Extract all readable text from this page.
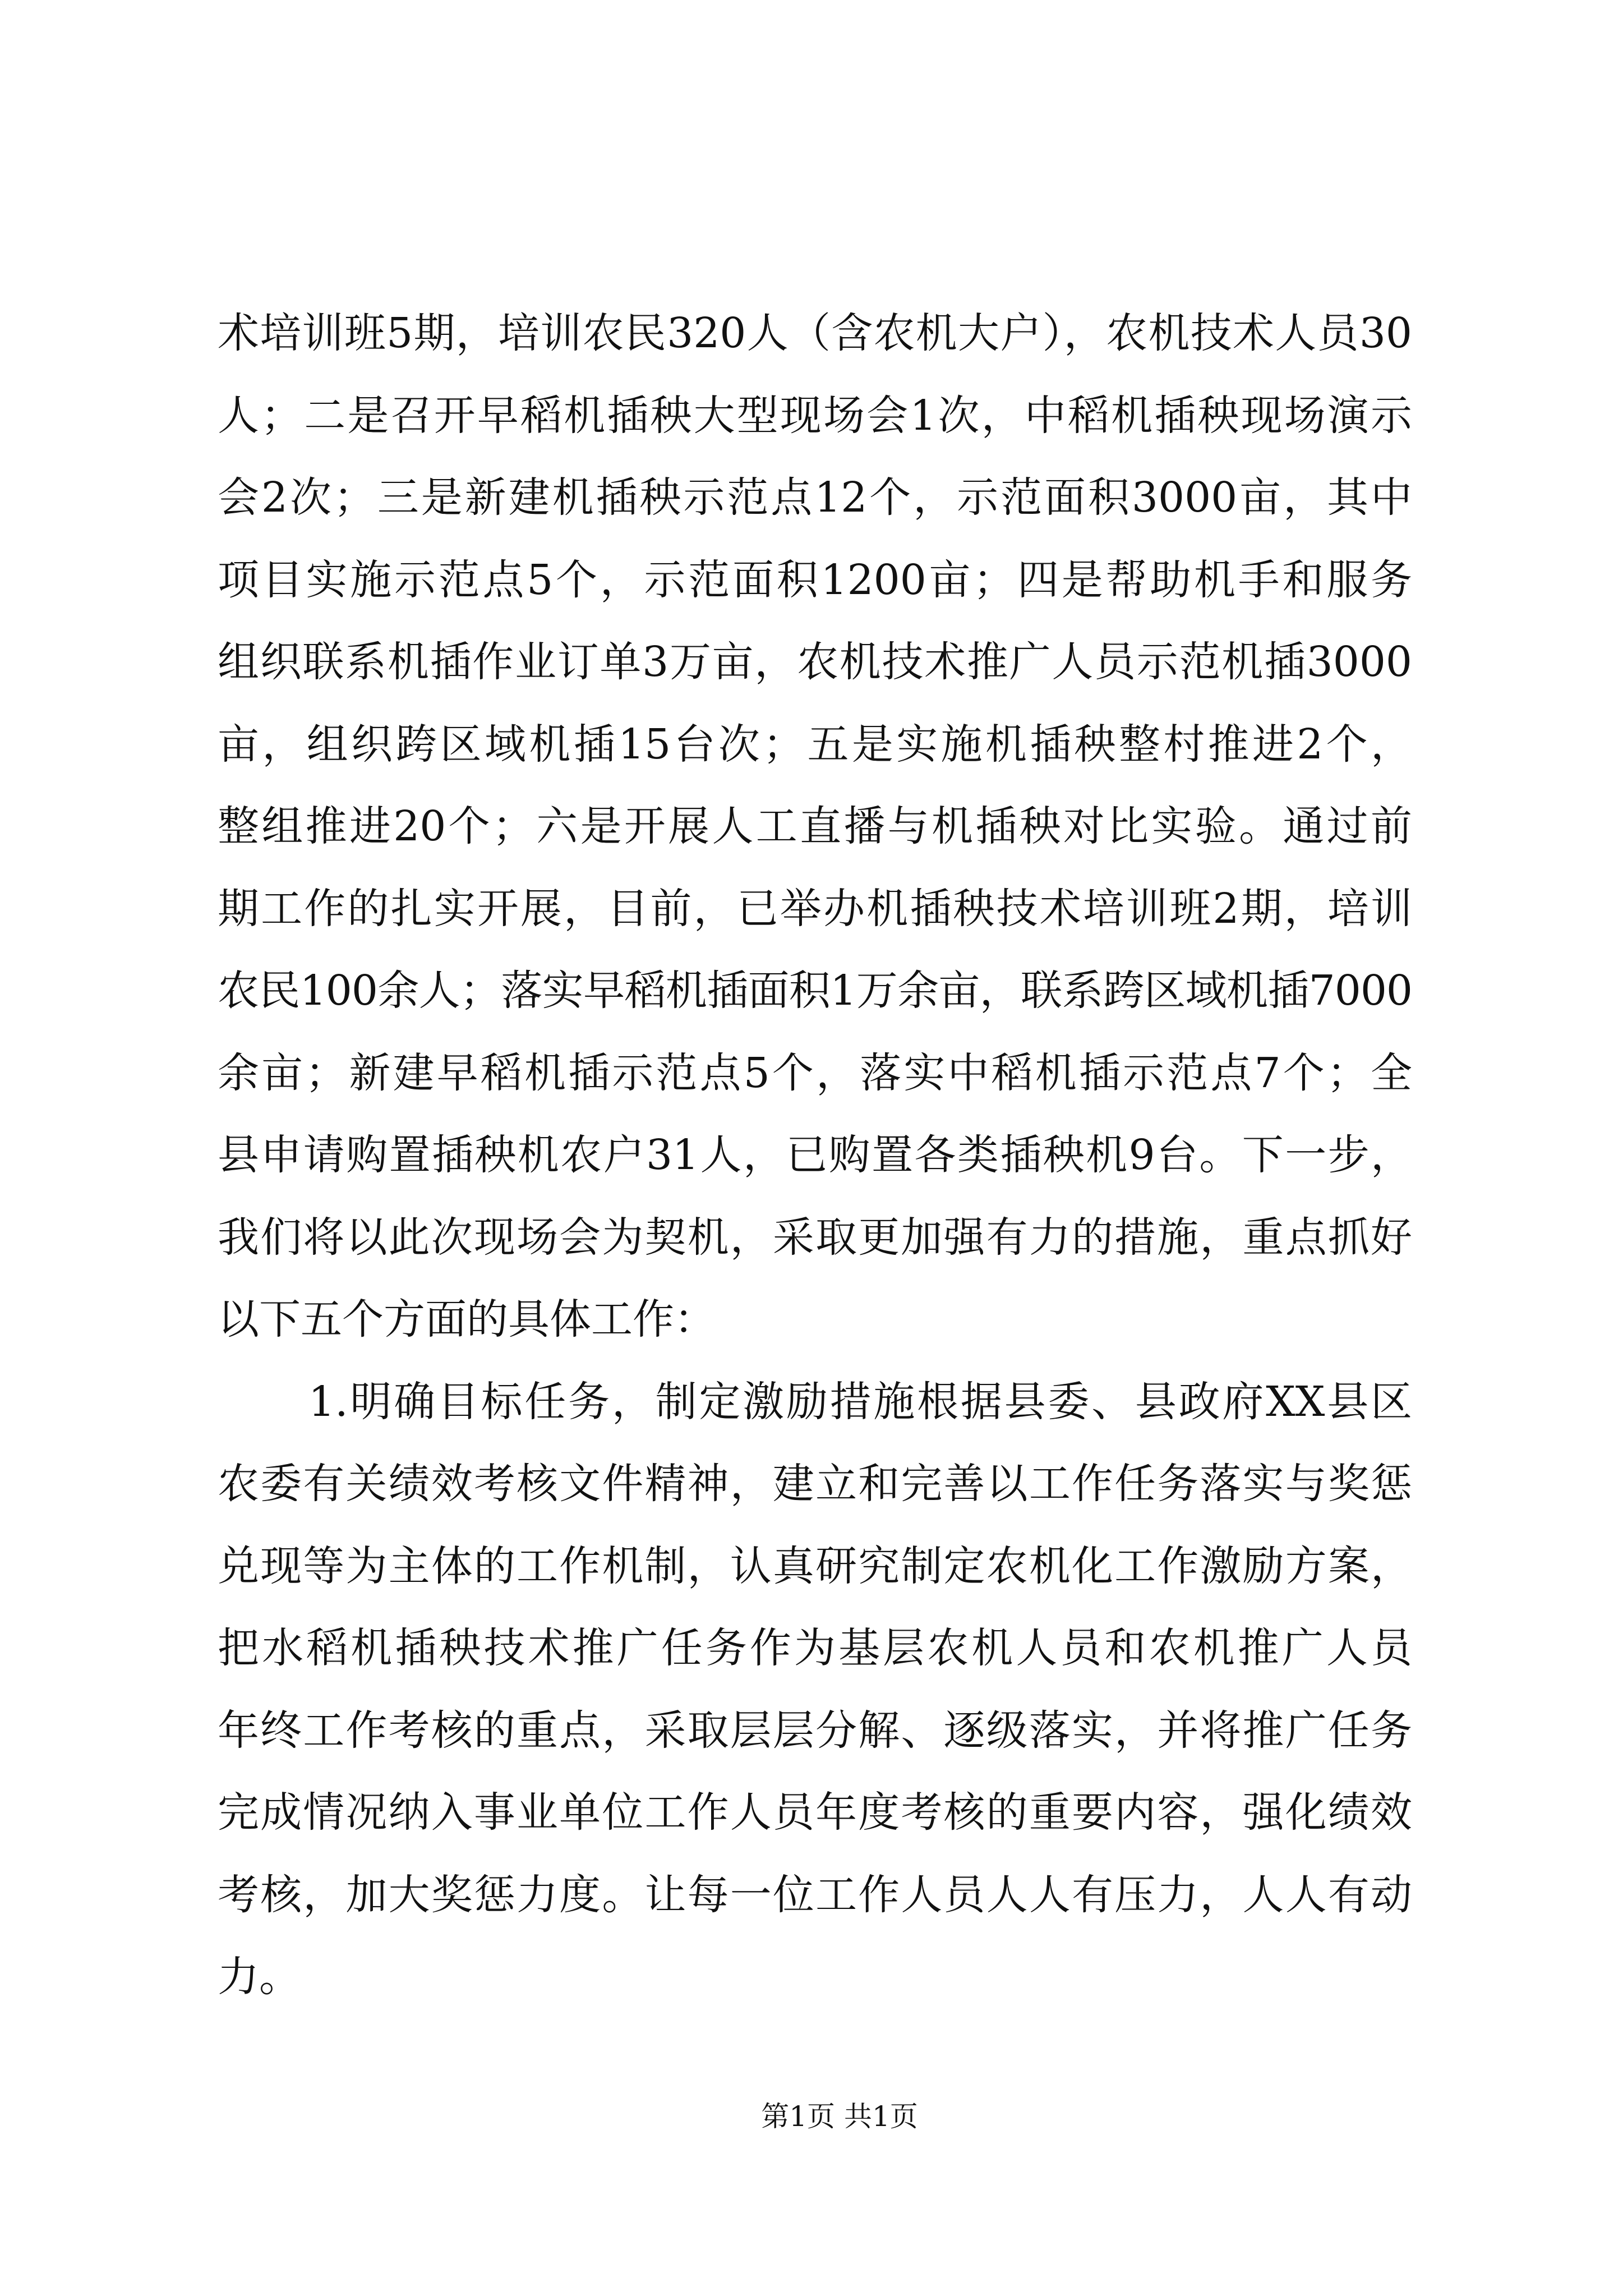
术培训班5期，培训农民320人（含农机大户），农机技术人员30
人；二是召开早稻机插秧大型现场会1次，中稻机插秧现场演示
会2次；三是新建机插秧示范点12个，示范面积3000亩，其中
项目实施示范点5个，示范面积1200亩；四是帮助机手和服务
组织联系机插作业订单3万亩，农机技术推广人员示范机插3000
亩，组织跨区域机插15台次；五是实施机插秧整村推进2个，
整组推进20个；六是开展人工直播与机插秧对比实验。通过前
期工作的扎实开展，目前，已举办机插秧技术培训班2期，培训
农民100余人；落实早稻机插面积1万余亩，联系跨区域机插7000
余亩；新建早稻机插示范点5个，落实中稻机插示范点7个；全
县申请购置插秧机农户31人，已购置各类插秧机9台。下一步，
我们将以此次现场会为契机，采取更加强有力的措施，重点抓好
以下五个方面的具体工作：
1.明确目标任务，制定激励措施根据县委、县政府XX县区
农委有关绩效考核文件精神，建立和完善以工作任务落实与奖惩
兑现等为主体的工作机制，认真研究制定农机化工作激励方案，
把水稻机插秧技术推广任务作为基层农机人员和农机推广人员
年终工作考核的重点，采取层层分解、逐级落实，并将推广任务
完成情况纳入事业单位工作人员年度考核的重要内容，强化绩效
考核，加大奖惩力度。让每一位工作人员人人有压力，人人有动
力。
第1页 共1页
